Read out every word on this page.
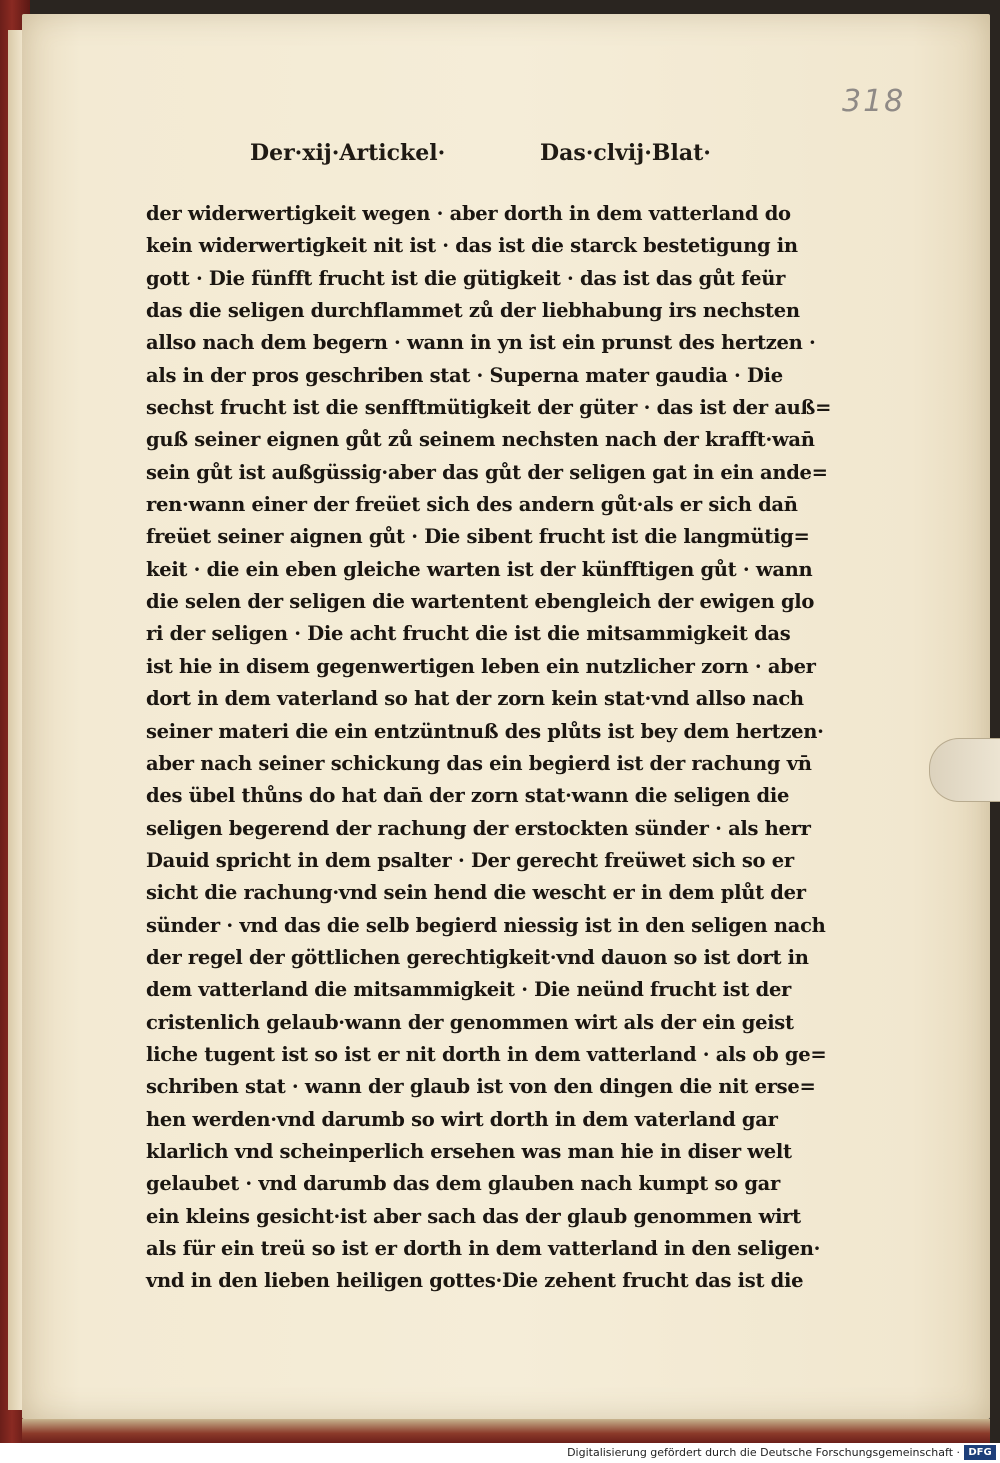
318
Der·xij·Artickel·	Das·clvij·Blat·
der widerwertigkeit wegen · aber dorth in dem vatterland do
kein widerwertigkeit nit ist · das ist die starck bestetigung in
gott · Die fünfft frucht ist die gütigkeit · das ist das gůt feür
das die seligen durchflammet zů der liebhabung irs nechsten
allso nach dem begern · wann in yn ist ein prunst des hertzen ·
als in der pros geschriben stat · Superna mater gaudia · Die
sechst frucht ist die senfftmütigkeit der güter · das ist der auß=
guß seiner eignen gůt zů seinem nechsten nach der krafft·wan̄
sein gůt ist außgüssig·aber das gůt der seligen gat in ein ande=
ren·wann einer der freüet sich des andern gůt·als er sich dan̄
freüet seiner aignen gůt · Die sibent frucht ist die langmütig=
keit · die ein eben gleiche warten ist der künfftigen gůt · wann
die selen der seligen die wartentent ebengleich der ewigen glo
ri der seligen · Die acht frucht die ist die mitsammigkeit das
ist hie in disem gegenwertigen leben ein nutzlicher zorn · aber
dort in dem vaterland so hat der zorn kein stat·vnd allso nach
seiner materi die ein entzüntnuß des plůts ist bey dem hertzen·
aber nach seiner schickung das ein begierd ist der rachung vn̄
des übel thůns do hat dan̄ der zorn stat·wann die seligen die
seligen begerend der rachung der erstockten sünder · als herr
Dauid spricht in dem psalter · Der gerecht freüwet sich so er
sicht die rachung·vnd sein hend die wescht er in dem plůt der
sünder · vnd das die selb begierd niessig ist in den seligen nach
der regel der göttlichen gerechtigkeit·vnd dauon so ist dort in
dem vatterland die mitsammigkeit · Die neünd frucht ist der
cristenlich gelaub·wann der genommen wirt als der ein geist
liche tugent ist so ist er nit dorth in dem vatterland · als ob ge=
schriben stat · wann der glaub ist von den dingen die nit erse=
hen werden·vnd darumb so wirt dorth in dem vaterland gar
klarlich vnd scheinperlich ersehen was man hie in diser welt
gelaubet · vnd darumb das dem glauben nach kumpt so gar
ein kleins gesicht·ist aber sach das der glaub genommen wirt
als für ein treü so ist er dorth in dem vatterland in den seligen·
vnd in den lieben heiligen gottes·Die zehent frucht das ist die
Digitalisierung gefördert durch die Deutsche Forschungsgemeinschaft · DFG
